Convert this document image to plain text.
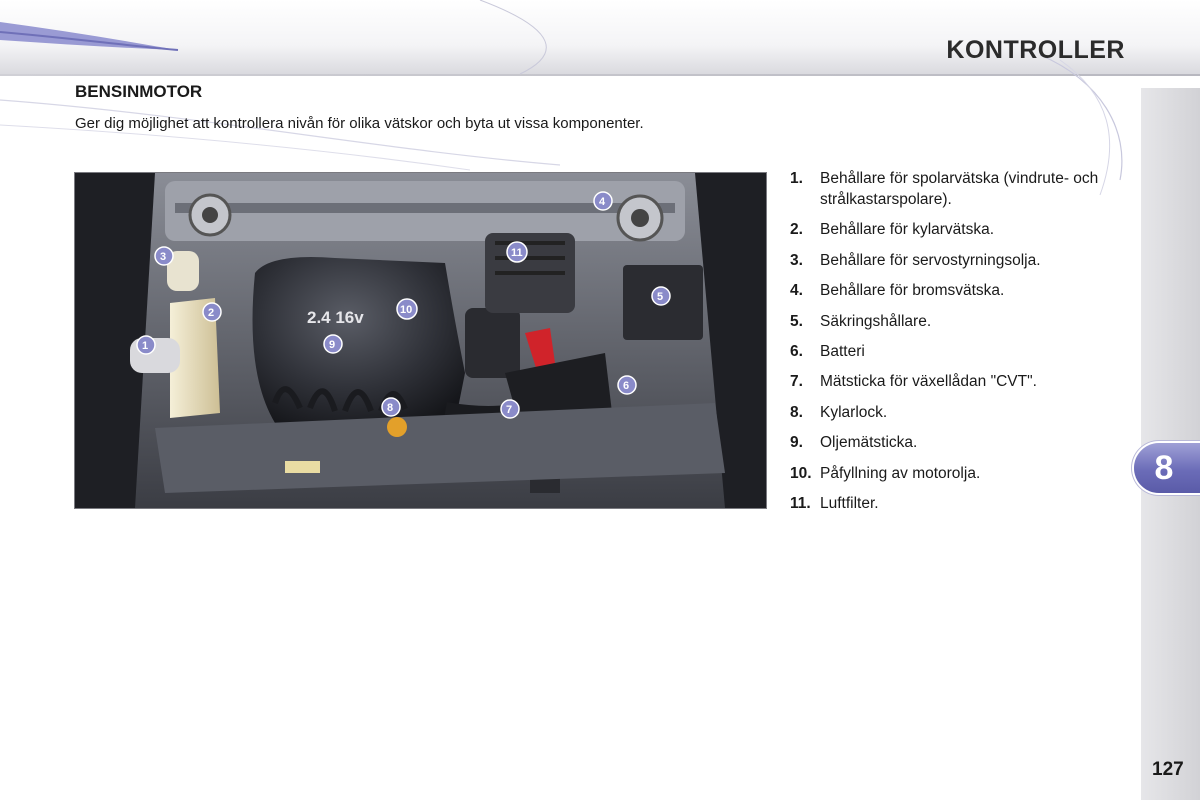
KONTROLLER
8
BENSINMOTOR

Ger dig möjlighet att kontrollera nivån för olika vätskor och byta ut vissa komponenter.

2.4 16v
1
2
3
4
5
6
7
8
9
10
11
1.	Behållare för spolarvätska (vindrute- och strålkastarspolare).
2.	Behållare för kylarvätska.
3.	Behållare för servostyrningsolja.
4.	Behållare för bromsvätska.
5.	Säkringshållare.
6.	Batteri
7.	Mätsticka för växellådan "CVT".
8.	Kylarlock.
9.	Oljemätsticka.
10. Påfyllning av motorolja.
11. Luftfilter.

127
